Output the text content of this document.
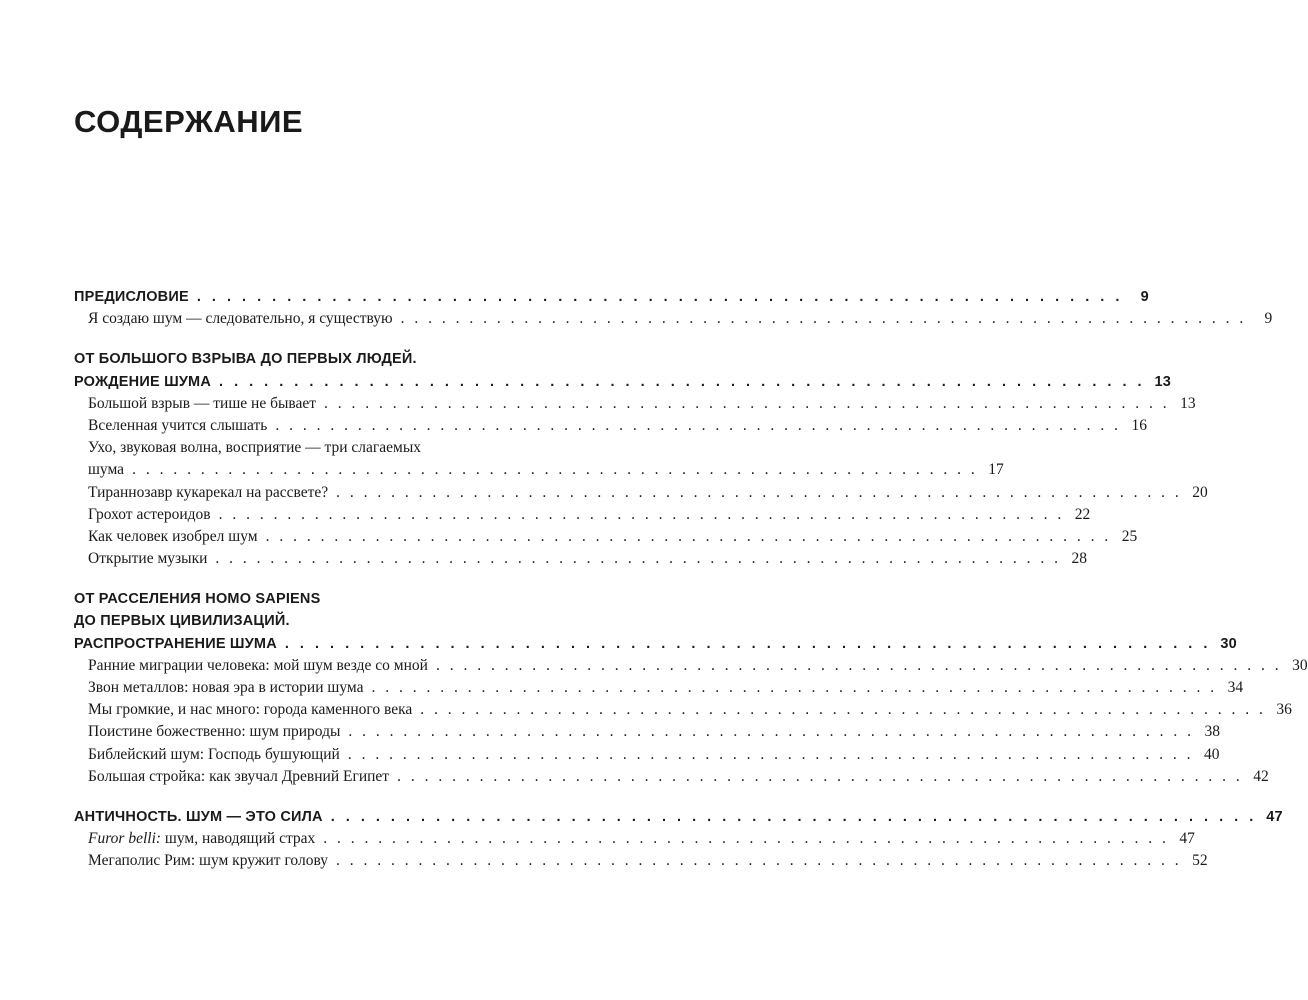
СОДЕРЖАНИЕ
ПРЕДИСЛОВИЕ . . . . . . . . . . . . . . . . . . . . . . . . . . . . . . . . . . . . . . . . . . . . . . . . . . . . . . . . . . . . . .	9
Я создаю шум — следовательно, я существую . . . . . . . . . . . . . . . . . . . . . . . . . . . . . . . . . . . . . . . . . . . . . . . . . . . . . . . . . . . . . .	9
ОТ БОЛЬШОГО ВЗРЫВА ДО ПЕРВЫХ ЛЮДЕЙ.
РОЖДЕНИЕ ШУМА . . . . . . . . . . . . . . . . . . . . . . . . . . . . . . . . . . . . . . . . . . . . . . . . . . . . . . . . . . . . . . 13
Большой взрыв — тише не бывает . . . . . . . . . . . . . . . . . . . . . . . . . . . . . . . . . . . . . . . . . . . . . . . . . . . . . . . . . . . . . . 13
Вселенная учится слышать . . . . . . . . . . . . . . . . . . . . . . . . . . . . . . . . . . . . . . . . . . . . . . . . . . . . . . . . . . . . . . 16
Ухо, звуковая волна, восприятие — три слагаемых
шума . . . . . . . . . . . . . . . . . . . . . . . . . . . . . . . . . . . . . . . . . . . . . . . . . . . . . . . . . . . . . . 17
Тираннозавр кукарекал на рассвете? . . . . . . . . . . . . . . . . . . . . . . . . . . . . . . . . . . . . . . . . . . . . . . . . . . . . . . . . . . . . . . 20
Грохот астероидов . . . . . . . . . . . . . . . . . . . . . . . . . . . . . . . . . . . . . . . . . . . . . . . . . . . . . . . . . . . . . . 22
Как человек изобрел шум . . . . . . . . . . . . . . . . . . . . . . . . . . . . . . . . . . . . . . . . . . . . . . . . . . . . . . . . . . . . . . 25
Открытие музыки . . . . . . . . . . . . . . . . . . . . . . . . . . . . . . . . . . . . . . . . . . . . . . . . . . . . . . . . . . . . . . 28
ОТ РАССЕЛЕНИЯ HOMO SAPIENS
ДО ПЕРВЫХ ЦИВИЛИЗАЦИЙ.
РАСПРОСТРАНЕНИЕ ШУМА . . . . . . . . . . . . . . . . . . . . . . . . . . . . . . . . . . . . . . . . . . . . . . . . . . . . . . . . . . . . . . 30
Ранние миграции человека: мой шум везде со мной . . . . . . . . . . . . . . . . . . . . . . . . . . . . . . . . . . . . . . . . . . . . . . . . . . . . . . . . . . . . . . 30
Звон металлов: новая эра в истории шума . . . . . . . . . . . . . . . . . . . . . . . . . . . . . . . . . . . . . . . . . . . . . . . . . . . . . . . . . . . . . . 34
Мы громкие, и нас много: города каменного века . . . . . . . . . . . . . . . . . . . . . . . . . . . . . . . . . . . . . . . . . . . . . . . . . . . . . . . . . . . . . . 36
Поистине божественно: шум природы . . . . . . . . . . . . . . . . . . . . . . . . . . . . . . . . . . . . . . . . . . . . . . . . . . . . . . . . . . . . . . 38
Библейский шум: Господь бушующий . . . . . . . . . . . . . . . . . . . . . . . . . . . . . . . . . . . . . . . . . . . . . . . . . . . . . . . . . . . . . . 40
Большая стройка: как звучал Древний Египет . . . . . . . . . . . . . . . . . . . . . . . . . . . . . . . . . . . . . . . . . . . . . . . . . . . . . . . . . . . . . . 42
АНТИЧНОСТЬ. ШУМ — ЭТО СИЛА . . . . . . . . . . . . . . . . . . . . . . . . . . . . . . . . . . . . . . . . . . . . . . . . . . . . . . . . . . . . . . 47
Furor belli: шум, наводящий страх . . . . . . . . . . . . . . . . . . . . . . . . . . . . . . . . . . . . . . . . . . . . . . . . . . . . . . . . . . . . . . 47
Мегаполис Рим: шум кружит голову . . . . . . . . . . . . . . . . . . . . . . . . . . . . . . . . . . . . . . . . . . . . . . . . . . . . . . . . . . . . . . 52
